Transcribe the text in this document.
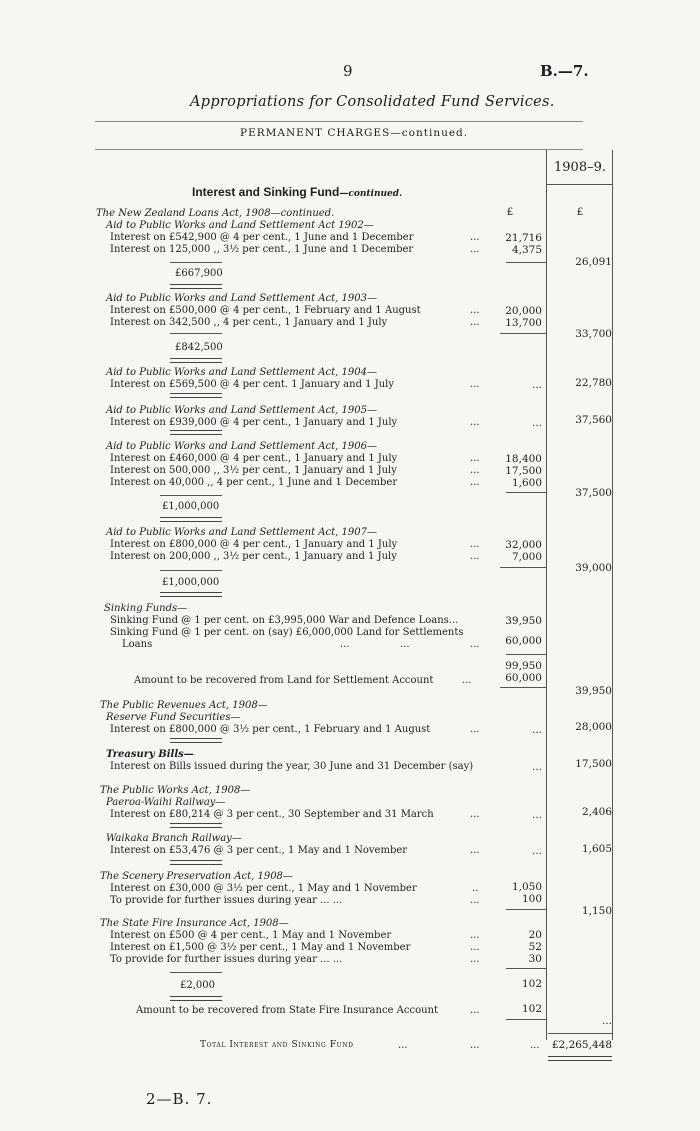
9	B.—7.
Appropriations for Consolidated Fund Services.
PERMANENT CHARGES—continued.
1908–9.
Interest and Sinking Fund—continued.
£	£
The New Zealand Loans Act, 1908—continued.
Aid to Public Works and Land Settlement Act 1902—
Interest on £542,900 @ 4 per cent., 1 June and 1 December	...	21,716
Interest on 125,000 ,, 3½ per cent., 1 June and 1 December	...	4,375
£667,900
26,091
Aid to Public Works and Land Settlement Act, 1903—
Interest on £500,000 @ 4 per cent., 1 February and 1 August	...	20,000
Interest on 342,500 ,, 4 per cent., 1 January and 1 July	...	13,700
£842,500
33,700
Aid to Public Works and Land Settlement Act, 1904—
Interest on £569,500 @ 4 per cent. 1 January and 1 July	...	...	22,780
Aid to Public Works and Land Settlement Act, 1905—
Interest on £939,000 @ 4 per cent., 1 January and 1 July	...	...	37,560
Aid to Public Works and Land Settlement Act, 1906—
Interest on £460,000 @ 4 per cent., 1 January and 1 July	...	18,400
Interest on 500,000 ,, 3½ per cent., 1 January and 1 July	...	17,500
Interest on 40,000 ,, 4 per cent., 1 June and 1 December	...	1,600
£1,000,000
37,500
Aid to Public Works and Land Settlement Act, 1907—
Interest on £800,000 @ 4 per cent., 1 January and 1 July	...	32,000
Interest on 200,000 ,, 3½ per cent., 1 January and 1 July	...	7,000
£1,000,000
39,000
Sinking Funds—
Sinking Fund @ 1 per cent. on £3,995,000 War and Defence Loans...	39,950
Sinking Fund @ 1 per cent. on (say) £6,000,000 Land for Settlements
Loans	...	...	...	60,000
99,950
Amount to be recovered from Land for Settlement Account	...	60,000
39,950
The Public Revenues Act, 1908—
Reserve Fund Securities—
Interest on £800,000 @ 3½ per cent., 1 February and 1 August	...	...	28,000
Treasury Bills—
Interest on Bills issued during the year, 30 June and 31 December (say)	...	17,500
The Public Works Act, 1908—
Paeroa-Waihi Railway—
Interest on £80,214 @ 3 per cent., 30 September and 31 March	...	...	2,406
Waikaka Branch Railway—
Interest on £53,476 @ 3 per cent., 1 May and 1 November	...	...	1,605
The Scenery Preservation Act, 1908—
Interest on £30,000 @ 3½ per cent., 1 May and 1 November	..	1,050
To provide for further issues during year ... ...	...	100
1,150
The State Fire Insurance Act, 1908—
Interest on £500 @ 4 per cent., 1 May and 1 November	...	20
Interest on £1,500 @ 3½ per cent., 1 May and 1 November	...	52
To provide for further issues during year ... ...	...	30
£2,000	102
Amount to be recovered from State Fire Insurance Account	...	102
...
Total Interest and Sinking Fund	...	...	...	£2,265,448
2—B. 7.
